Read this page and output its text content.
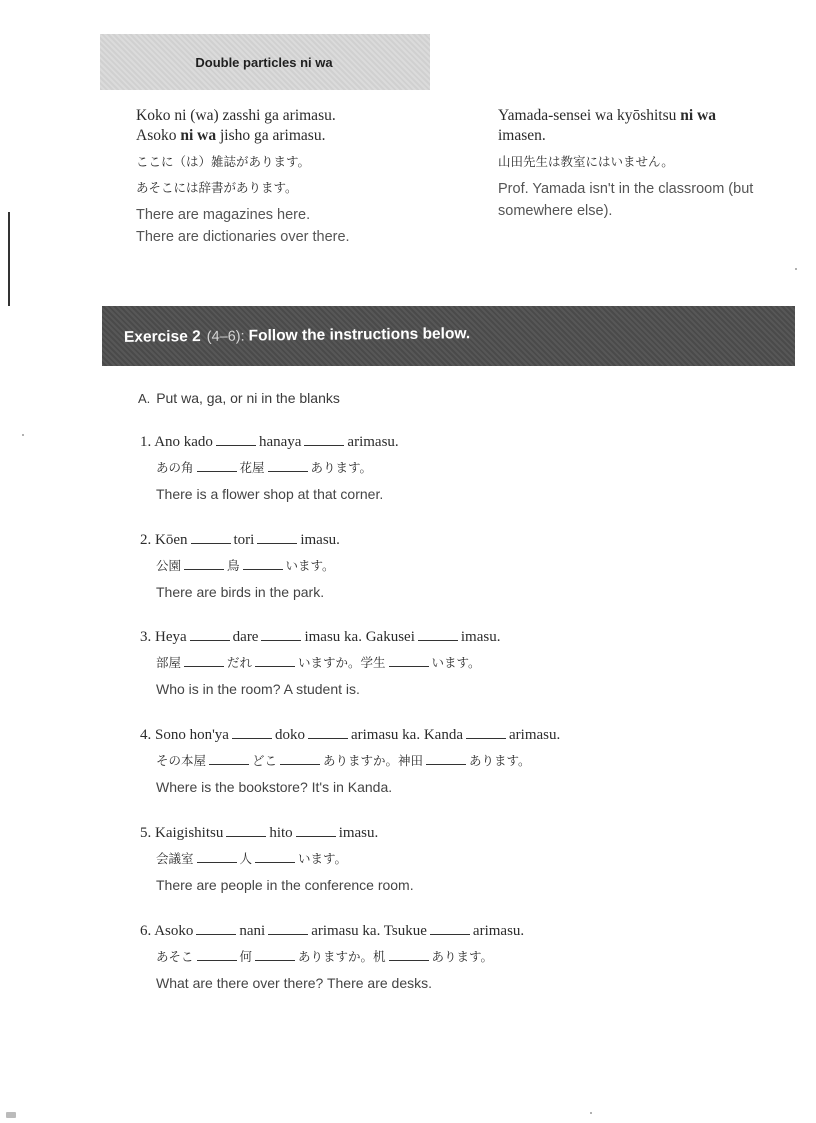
Double particles ni wa
Koko ni (wa) zasshi ga arimasu.
Asoko ni wa jisho ga arimasu.
ここに（は）雑誌があります。
あそこには辞書があります。
There are magazines here.
There are dictionaries over there.
Yamada-sensei wa kyōshitsu ni wa
imasen.
山田先生は教室にはいません。
Prof. Yamada isn't in the classroom (but
somewhere else).
Exercise 2 (4–6): Follow the instructions below.
A. Put wa, ga, or ni in the blanks
1. Ano kado	hanaya	arimasu.
あの角	花屋	あります。
There is a flower shop at that corner.
2. Kōen	tori	imasu.
公園	鳥	います。
There are birds in the park.
3. Heya	dare	imasu ka. Gakusei	imasu.
部屋	だれ	いますか。学生	います。
Who is in the room? A student is.
4. Sono hon'ya	doko	arimasu ka. Kanda	arimasu.
その本屋	どこ	ありますか。神田	あります。
Where is the bookstore? It's in Kanda.
5. Kaigishitsu	hito	imasu.
会議室	人	います。
There are people in the conference room.
6. Asoko	nani	arimasu ka. Tsukue	arimasu.
あそこ	何	ありますか。机	あります。
What are there over there? There are desks.
